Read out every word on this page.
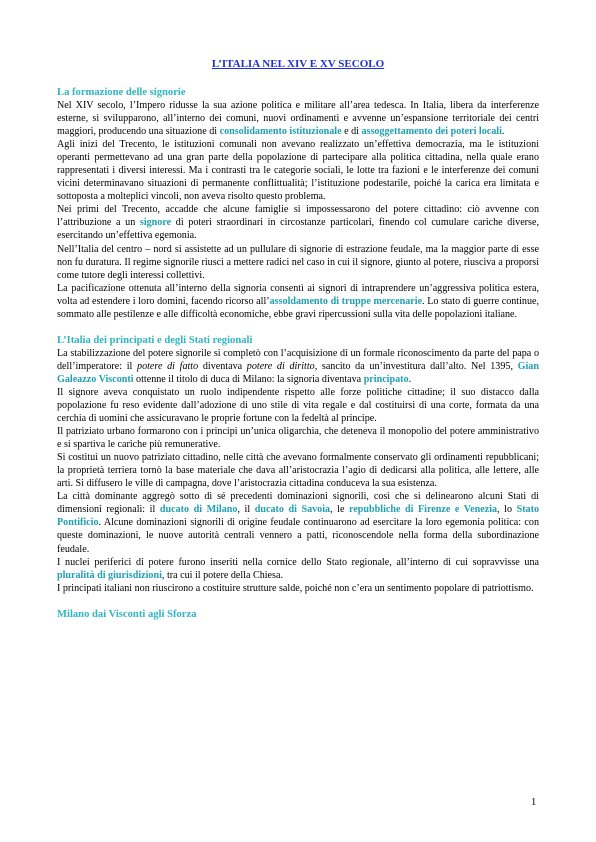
L’ITALIA NEL XIV E XV SECOLO
La formazione delle signorie

Nel XIV secolo, l’Impero ridusse la sua azione politica e militare all’area tedesca. In Italia, libera da interferenze esterne, si svilupparono, all’interno dei comuni, nuovi ordinamenti e avvenne un’espansione territoriale dei centri maggiori, producendo una situazione di consolidamento istituzionale e di assoggettamento dei poteri locali.

Agli inizi del Trecento, le istituzioni comunali non avevano realizzato un’effettiva democrazia, ma le istituzioni operanti permettevano ad una gran parte della popolazione di partecipare alla politica cittadina, nella quale erano rappresentati i diversi interessi. Ma i contrasti tra le categorie sociali, le lotte tra fazioni e le interferenze dei comuni vicini determinavano situazioni di permanente conflittualità; l’istituzione podestarile, poiché la carica era limitata e sottoposta a molteplici vincoli, non aveva risolto questo problema.

Nei primi del Trecento, accadde che alcune famiglie si impossessarono del potere cittadino: ciò avvenne con l’attribuzione a un signore di poteri straordinari in circostanze particolari, finendo col cumulare cariche diverse, esercitando un’effettiva egemonia.

Nell’Italia del centro – nord si assistette ad un pullulare di signorie di estrazione feudale, ma la maggior parte di esse non fu duratura. Il regime signorile riuscì a mettere radici nel caso in cui il signore, giunto al potere, riusciva a proporsi come tutore degli interessi collettivi.

La pacificazione ottenuta all’interno della signoria consentì ai signori di intraprendere un’aggressiva politica estera, volta ad estendere i loro domini, facendo ricorso all’assoldamento di truppe mercenarie. Lo stato di guerre continue, sommato alle pestilenze e alle difficoltà economiche, ebbe gravi ripercussioni sulla vita delle popolazioni italiane.

L’Italia dei principati e degli Stati regionali

La stabilizzazione del potere signorile si completò con l’acquisizione di un formale riconoscimento da parte del papa o dell’imperatore: il potere di fatto diventava potere di diritto, sancito da un’investitura dall’alto. Nel 1395, Gian Galeazzo Visconti ottenne il titolo di duca di Milano: la signoria diventava principato.

Il signore aveva conquistato un ruolo indipendente rispetto alle forze politiche cittadine; il suo distacco dalla popolazione fu reso evidente dall’adozione di uno stile di vita regale e dal costituirsi di una corte, formata da una cerchia di uomini che assicuravano le proprie fortune con la fedeltà al principe.

Il patriziato urbano formarono con i principi un’unica oligarchia, che deteneva il monopolio del potere amministrativo e si spartiva le cariche più remunerative.

Si costituì un nuovo patriziato cittadino, nelle città che avevano formalmente conservato gli ordinamenti repubblicani; la proprietà terriera tornò la base materiale che dava all’aristocrazia l’agio di dedicarsi alla politica, alle lettere, alle arti. Si diffusero le ville di campagna, dove l’aristocrazia cittadina conduceva la sua esistenza.

La città dominante aggregò sotto di sé precedenti dominazioni signorili, così che si delinearono alcuni Stati di dimensioni regionali: il ducato di Milano, il ducato di Savoia, le repubbliche di Firenze e Venezia, lo Stato Pontificio. Alcune dominazioni signorili di origine feudale continuarono ad esercitare la loro egemonia politica: con queste dominazioni, le nuove autorità centrali vennero a patti, riconoscendole nella forma della subordinazione feudale.

I nuclei periferici di potere furono inseriti nella cornice dello Stato regionale, all’interno di cui sopravvisse una pluralità di giurisdizioni, tra cui il potere della Chiesa.

I principati italiani non riuscirono a costituire strutture salde, poiché non c’era un sentimento popolare di patriottismo.

Milano dai Visconti agli Sforza
1
